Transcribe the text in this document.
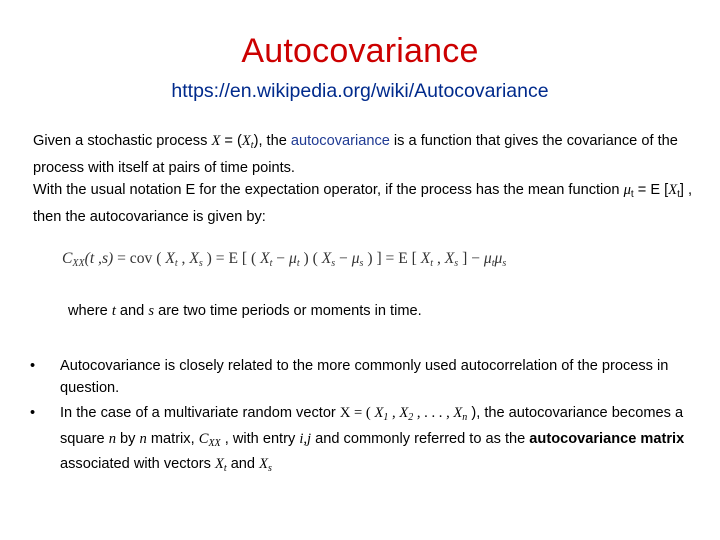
Autocovariance
https://en.wikipedia.org/wiki/Autocovariance
Given a stochastic process $X = (X_t)$, the autocovariance is a function that gives the covariance of the process with itself at pairs of time points.
With the usual notation E for the expectation operator, if the process has the mean function $\mu_t = E$ $[X_t]$ , then the autocovariance is given by:
$C_{XX}(t$ ,s) = cov ( $X_t$ , $X_s$ ) = E [ ( $X_t - \mu_t$ ) ( $X_s - \mu_s$ ) ] = E [ $X_t$ , $X_s$ ] − $\mu_t\mu_s$
where t and s are two time periods or moments in time.
•	Autocovariance is closely related to the more commonly used autocorrelation of the process in question.
•	In the case of a multivariate random vector X = ( $X_1$ , $X_2$ , . . . , $X_n$ ), the autocovariance becomes a square n by n matrix, $C_{XX}$ , with entry i,j and commonly referred to as the autocovariance matrix associated with vectors $X_t$ and $X_s$
